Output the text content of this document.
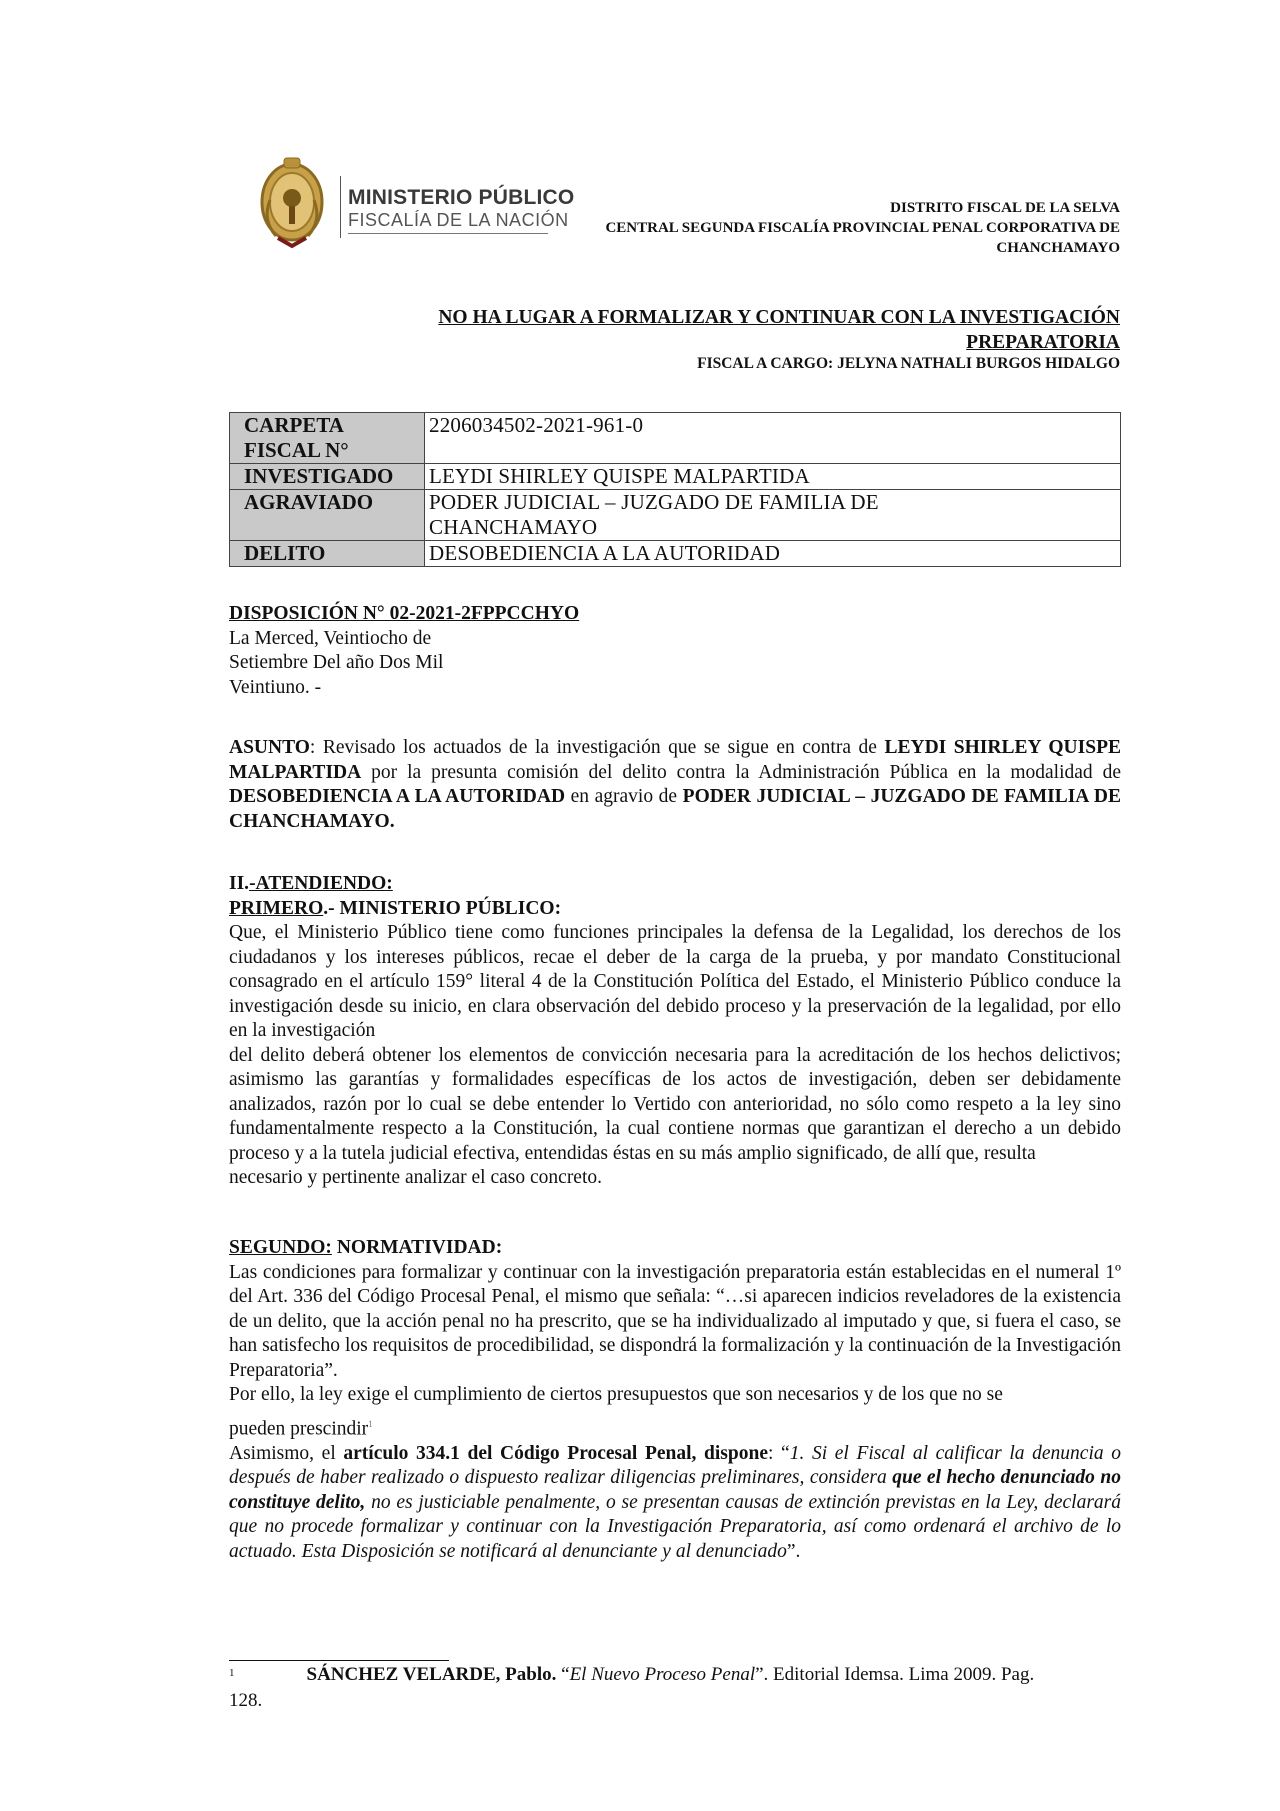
MINISTERIO PÚBLICO
FISCALÍA DE LA NACIÓN
DISTRITO FISCAL DE LA SELVA
CENTRAL SEGUNDA FISCALÍA PROVINCIAL PENAL CORPORATIVA DE
CHANCHAMAYO
NO HA LUGAR A FORMALIZAR Y CONTINUAR CON LA INVESTIGACIÓN
PREPARATORIA
FISCAL A CARGO: JELYNA NATHALI BURGOS HIDALGO
CARPETA FISCAL N°	2206034502-2021-961-0
INVESTIGADO	LEYDI SHIRLEY QUISPE MALPARTIDA
AGRAVIADO	PODER JUDICIAL – JUZGADO DE FAMILIA DE CHANCHAMAYO
DELITO	DESOBEDIENCIA A LA AUTORIDAD
DISPOSICIÓN N° 02-2021-2FPPCCHYO
La Merced, Veintiocho de
Setiembre Del año Dos Mil
Veintiuno. -
ASUNTO: Revisado los actuados de la investigación que se sigue en contra de LEYDI SHIRLEY QUISPE MALPARTIDA por la presunta comisión del delito contra la Administración Pública en la modalidad de DESOBEDIENCIA A LA AUTORIDAD en agravio de PODER JUDICIAL – JUZGADO DE FAMILIA DE CHANCHAMAYO.
II.-ATENDIENDO:
PRIMERO.- MINISTERIO PÚBLICO:
Que, el Ministerio Público tiene como funciones principales la defensa de la Legalidad, los derechos de los ciudadanos y los intereses públicos, recae el deber de la carga de la prueba, y por mandato Constitucional consagrado en el artículo 159° literal 4 de la Constitución Política del Estado, el Ministerio Público conduce la investigación desde su inicio, en clara observación del debido proceso y la preservación de la legalidad, por ello en la investigación
del delito deberá obtener los elementos de convicción necesaria para la acreditación de los hechos delictivos; asimismo las garantías y formalidades específicas de los actos de investigación, deben ser debidamente analizados, razón por lo cual se debe entender lo Vertido con anterioridad, no sólo como respeto a la ley sino fundamentalmente respecto a la Constitución, la cual contiene normas que garantizan el derecho a un debido proceso y a la tutela judicial efectiva, entendidas éstas en su más amplio significado, de allí que, resulta
necesario y pertinente analizar el caso concreto.
SEGUNDO: NORMATIVIDAD:
Las condiciones para formalizar y continuar con la investigación preparatoria están establecidas en el numeral 1º del Art. 336 del Código Procesal Penal, el mismo que señala: “…si aparecen indicios reveladores de la existencia de un delito, que la acción penal no ha prescrito, que se ha individualizado al imputado y que, si fuera el caso, se han satisfecho los requisitos de procedibilidad, se dispondrá la formalización y la continuación de la Investigación Preparatoria”.
Por ello, la ley exige el cumplimiento de ciertos presupuestos que son necesarios y de los que no se
pueden prescindir$^1$
Asimismo, el artículo 334.1 del Código Procesal Penal, dispone: “1. Si el Fiscal al calificar la denuncia o después de haber realizado o dispuesto realizar diligencias preliminares, considera que el hecho denunciado no constituye delito, no es justiciable penalmente, o se presentan causas de extinción previstas en la Ley, declarará que no procede formalizar y continuar con la Investigación Preparatoria, así como ordenará el archivo de lo actuado. Esta Disposición se notificará al denunciante y al denunciado”.
$^1$	SÁNCHEZ VELARDE, Pablo. “El Nuevo Proceso Penal”. Editorial Idemsa. Lima 2009. Pag.
128.
